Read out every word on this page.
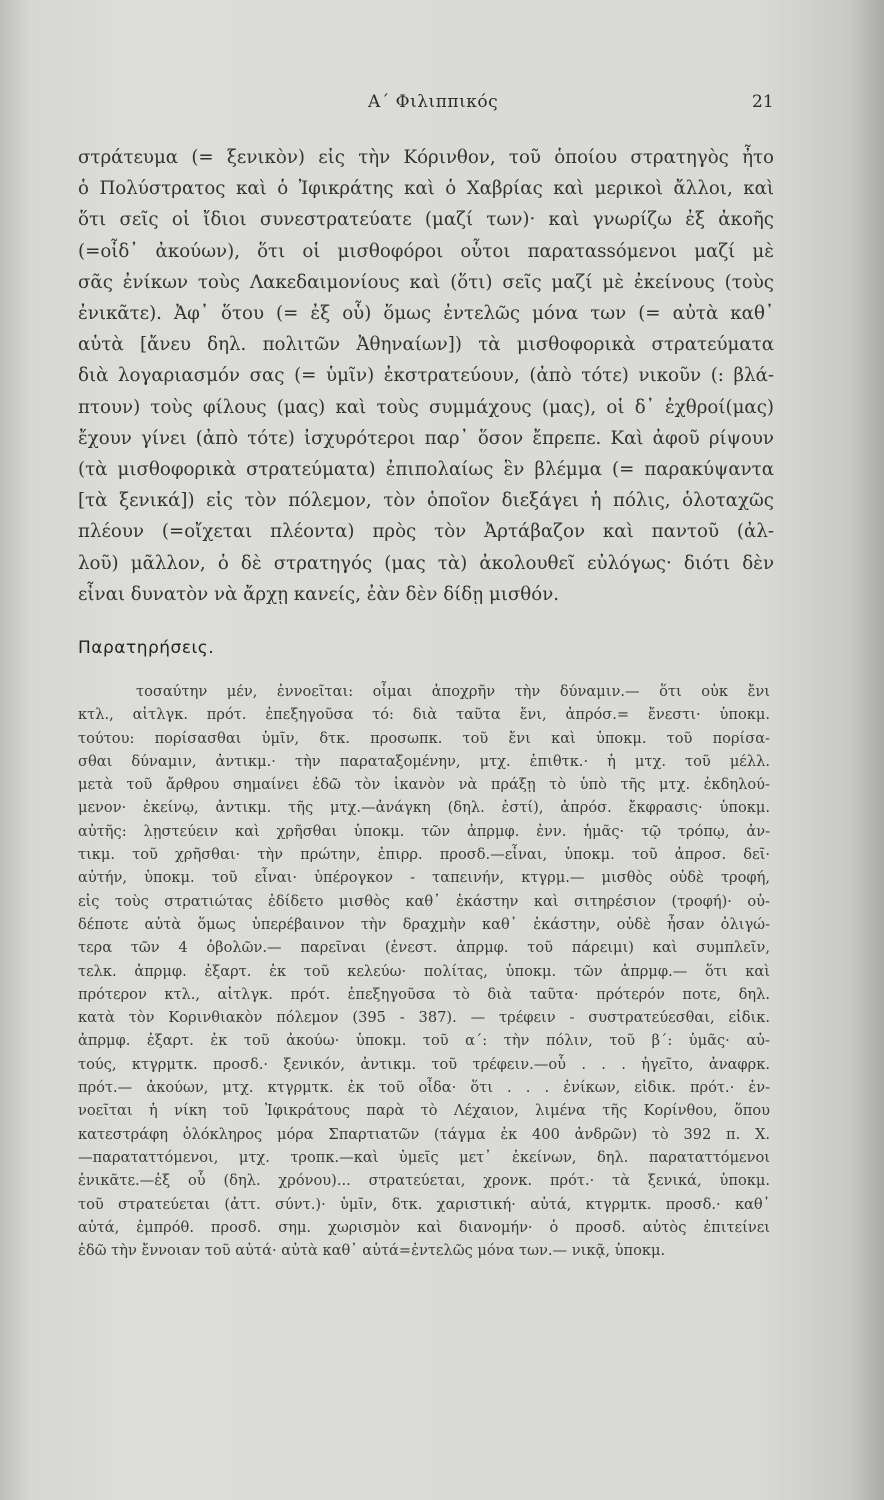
Α΄ Φιλιππικός	21
στράτευμα (= ξενικὸν) εἰς τὴν Κόρινθον, τοῦ ὁποίου στρατηγὸς ἦτο
ὁ Πολύστρατος καὶ ὁ Ἰφικράτης καὶ ὁ Χαβρίας καὶ μερικοὶ ἄλλοι, καὶ
ὅτι σεῖς οἱ ἴδιοι συνεστρατεύατε (μαζί των)· καὶ γνωρίζω ἐξ ἀκοῆς
(=οἶδ᾿ ἀκούων), ὅτι οἱ μισθοφόροι οὗτοι παραταssόμενοι μαζί μὲ
σᾶς ἐνίκων τοὺς Λακεδαιμονίους καὶ (ὅτι) σεῖς μαζί μὲ ἐκείνους (τοὺς
ἐνικᾶτε). Ἀφ᾿ ὅτου (= ἐξ οὗ) ὅμως ἐντελῶς μόνα των (= αὐτὰ καθ᾿
αὑτὰ [ἄνευ δηλ. πολιτῶν Ἀθηναίων]) τὰ μισθοφορικὰ στρατεύματα
διὰ λογαριασμόν σας (= ὑμῖν) ἐκστρατεύουν, (ἀπὸ τότε) νικοῦν (: βλά-
πτουν) τοὺς φίλους (μας) καὶ τοὺς συμμάχους (μας), οἱ δ᾿ ἐχθροί(μας)
ἔχουν γίνει (ἀπὸ τότε) ἰσχυρότεροι παρ᾿ ὅσον ἔπρεπε. Καὶ ἀφοῦ ρίψουν
(τὰ μισθοφορικὰ στρατεύματα) ἐπιπολαίως ἓν βλέμμα (= παρακύψαντα
[τὰ ξενικά]) εἰς τὸν πόλεμον, τὸν ὁποῖον διεξάγει ἡ πόλις, ὁλοταχῶς
πλέουν (=οἴχεται πλέοντα) πρὸς τὸν Ἀρτάβαζον καὶ παντοῦ (ἀλ-
λοῦ) μᾶλλον, ὁ δὲ στρατηγός (μας τὰ) ἀκολουθεῖ εὐλόγως· διότι δὲν
εἶναι δυνατὸν νὰ ἄρχῃ κανείς, ἐὰν δὲν δίδῃ μισθόν.
Παρατηρήσεις.
τοσαύτην μέν, ἐννοεῖται: οἶμαι ἀποχρῆν τὴν δύναμιν.— ὅτι οὐκ ἔνι
κτλ., αἰτλγκ. πρότ. ἐπεξηγοῦσα τό: διὰ ταῦτα ἔνι, ἀπρόσ.= ἔνεστι· ὑποκμ.
τούτου: πορίσασθαι ὑμῖν, δτκ. προσωπκ. τοῦ ἔνι καὶ ὑποκμ. τοῦ πορίσα-
σθαι δύναμιν, ἀντικμ.· τὴν παραταξομένην, μτχ. ἐπιθτκ.· ἡ μτχ. τοῦ μέλλ.
μετὰ τοῦ ἄρθρου σημαίνει ἐδῶ τὸν ἱκανὸν νὰ πράξῃ τὸ ὑπὸ τῆς μτχ. ἐκδηλού-
μενον· ἐκείνῳ, ἀντικμ. τῆς μτχ.—ἀνάγκη (δηλ. ἐστί), ἀπρόσ. ἔκφρασις· ὑποκμ.
αὐτῆς: λῃστεύειν καὶ χρῆσθαι ὑποκμ. τῶν ἀπρμφ. ἐνν. ἡμᾶς· τῷ τρόπῳ, ἀν-
τικμ. τοῦ χρῆσθαι· τὴν πρώτην, ἐπιρρ. προσδ.—εἶναι, ὑποκμ. τοῦ ἀπροσ. δεῖ·
αὐτήν, ὑποκμ. τοῦ εἶναι· ὑπέρογκον - ταπεινήν, κτγρμ.— μισθὸς οὐδὲ τροφή,
εἰς τοὺς στρατιώτας ἐδίδετο μισθὸς καθ᾿ ἑκάστην καὶ σιτηρέσιον (τροφή)· οὐ-
δέποτε αὐτὰ ὅμως ὑπερέβαινον τὴν δραχμὴν καθ᾿ ἑκάστην, οὐδὲ ἦσαν ὀλιγώ-
τερα τῶν 4 ὀβολῶν.— παρεῖναι (ἐνεστ. ἀπρμφ. τοῦ πάρειμι) καὶ συμπλεῖν,
τελκ. ἀπρμφ. ἐξαρτ. ἐκ τοῦ κελεύω· πολίτας, ὑποκμ. τῶν ἀπρμφ.— ὅτι καὶ
πρότερον κτλ., αἰτλγκ. πρότ. ἐπεξηγοῦσα τὸ διὰ ταῦτα· πρότερόν ποτε, δηλ.
κατὰ τὸν Κορινθιακὸν πόλεμον (395 - 387). — τρέφειν - συστρατεύεσθαι, εἰδικ.
ἀπρμφ. ἐξαρτ. ἐκ τοῦ ἀκούω· ὑποκμ. τοῦ α΄: τὴν πόλιν, τοῦ β΄: ὑμᾶς· αὐ-
τούς, κτγρμτκ. προσδ.· ξενικόν, ἀντικμ. τοῦ τρέφειν.—οὗ . . . ἡγεῖτο, ἀναφρκ.
πρότ.— ἀκούων, μτχ. κτγρμτκ. ἐκ τοῦ οἶδα· ὅτι . . . ἐνίκων, εἰδικ. πρότ.· ἐν-
νοεῖται ἡ νίκη τοῦ Ἰφικράτους παρὰ τὸ Λέχαιον, λιμένα τῆς Κορίνθου, ὅπου
κατεστράφη ὁλόκληρος μόρα Σπαρτιατῶν (τάγμα ἐκ 400 ἀνδρῶν) τὸ 392 π. Χ.
—παραταττόμενοι, μτχ. τροπκ.—καὶ ὑμεῖς μετ᾿ ἐκείνων, δηλ. παραταττόμενοι
ἐνικᾶτε.—ἐξ οὗ (δηλ. χρόνου)... στρατεύεται, χρονκ. πρότ.· τὰ ξενικά, ὑποκμ.
τοῦ στρατεύεται (ἀττ. σύντ.)· ὑμῖν, δτκ. χαριστική· αὐτά, κτγρμτκ. προσδ.· καθ᾿
αὑτά, ἐμπρόθ. προσδ. σημ. χωρισμὸν καὶ διανομήν· ὁ προσδ. αὐτὸς ἐπιτείνει
ἐδῶ τὴν ἔννοιαν τοῦ αὐτά· αὐτὰ καθ᾿ αὑτά=ἐντελῶς μόνα των.— νικᾷ, ὑποκμ.
